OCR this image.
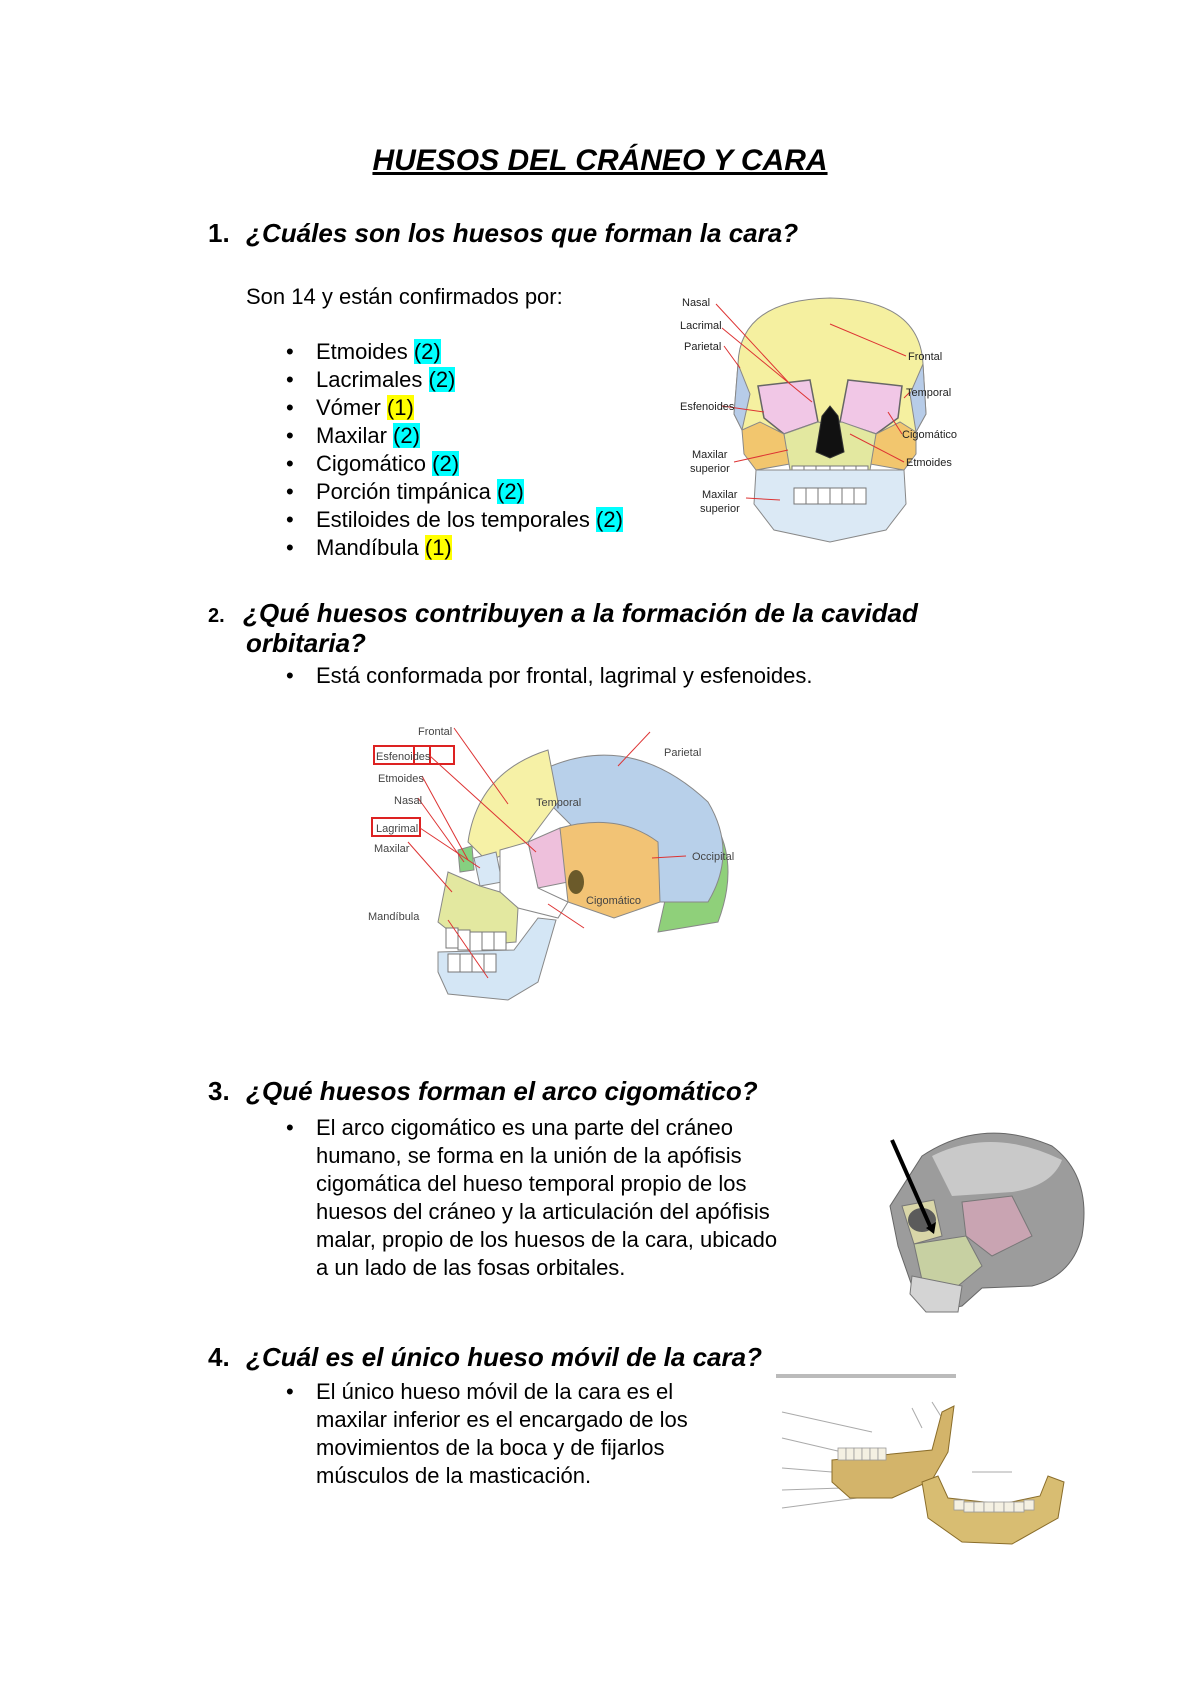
HUESOS DEL CRÁNEO Y CARA
1. ¿Cuáles son los huesos que forman la cara?
Son 14 y están confirmados por:
• Etmoides (2)
• Lacrimales (2)
• Vómer (1)
• Maxilar (2)
• Cigomático (2)
• Porción timpánica (2)
• Estiloides de los temporales (2)
• Mandíbula (1)
Nasal
Lacrimal
Parietal
Esfenoides
Maxilar
superior
Maxilar
superior
Frontal
Temporal
Cigomático
Etmoides
2. ¿Qué huesos contribuyen a la formación de la cavidad
orbitaria?
• Está conformada por frontal, lagrimal y esfenoides.
Frontal
Esfenoides
Etmoides
Nasal
Lagrimal
Maxilar
Mandíbula
Parietal
Temporal
Occipital
Cigomático
3. ¿Qué huesos forman el arco cigomático?
• El arco cigomático es una parte del cráneo
humano, se forma en la unión de la apófisis
cigomática del hueso temporal propio de los
huesos del cráneo y la articulación del apófisis
malar, propio de los huesos de la cara, ubicado
a un lado de las fosas orbitales.
4. ¿Cuál es el único hueso móvil de la cara?
• El único hueso móvil de la cara es el
maxilar inferior es el encargado de los
movimientos de la boca y de fijarlos
músculos de la masticación.
